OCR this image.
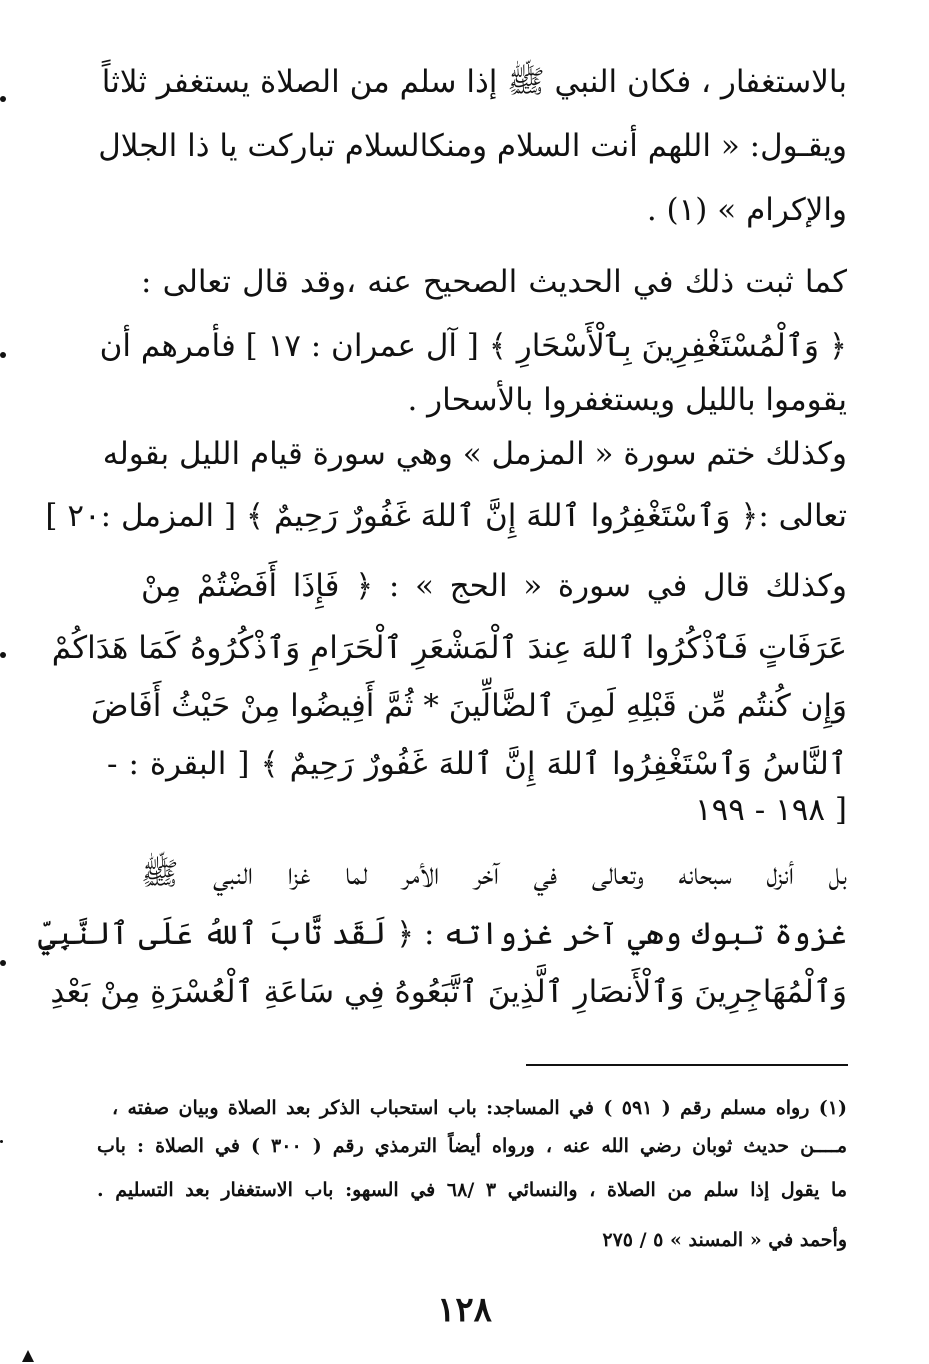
بالاستغفار ، فكان النبي ﷺ إذا سلم من الصلاة يستغفر ثلاثاً
ويقـول: « اللهم أنت السلام ومنكالسلام تباركت يا ذا الجلال
والإكرام » (١) .
كما ثبت ذلك في الحديث الصحيح عنه ،وقد قال تعالى :
﴿ وَٱلْمُسْتَغْفِرِينَ بِٱلْأَسْحَارِ ﴾ [ آل عمران : ١٧ ] فأمرهم أن
يقوموا بالليل ويستغفروا بالأسحار .
وكذلك ختم سورة « المزمل » وهي سورة قيام الليل بقوله
تعالى :﴿ وَٱسْتَغْفِرُوا ٱللهَ إِنَّ ٱللهَ غَفُورٌ رَحِيمٌ ﴾ [ المزمل :٢٠ ]
وكذلك قال في سورة « الحج » : ﴿ فَإِذَا أَفَضْتُمْ مِنْ
عَرَفَاتٍ فَٱذْكُرُوا ٱللهَ عِندَ ٱلْمَشْعَرِ ٱلْحَرَامِ وَٱذْكُرُوهُ كَمَا هَدَاكُمْ
وَإِن كُنتُم مِّن قَبْلِهِ لَمِنَ ٱلضَّالِّينَ * ثُمَّ أَفِيضُوا مِنْ حَيْثُ أَفَاضَ
ٱلنَّاسُ وَٱسْتَغْفِرُوا ٱللهَ إِنَّ ٱللهَ غَفُورٌ رَحِيمٌ ﴾ [ البقرة : -
١٩٨ - ١٩٩ ]
بل أنزل سبحانه وتعالى في آخر الأمر لما غزا النبي ﷺ
غزوة تبوك وهي آخر غزواته : ﴿ لَقَد تَّابَ ٱللهُ عَلَى ٱلنَّبِيِّ
وَٱلْمُهَاجِرِينَ وَٱلْأَنصَارِ ٱلَّذِينَ ٱتَّبَعُوهُ فِي سَاعَةِ ٱلْعُسْرَةِ مِنْ بَعْدِ
(١) رواه مسلم رقم ( ٥٩١ ) في المساجد: باب استحباب الذكر بعد الصلاة وبيان صفته ،
مــــن حديث ثوبان رضي الله عنه ، ورواه أيضاً الترمذي رقم ( ٣٠٠ ) في الصلاة : باب
ما يقول إذا سلم من الصلاة ، والنسائي ٣ /٦٨ في السهو: باب الاستغفار بعد التسليم .
وأحمد في « المسند » ٥ / ٢٧٥
١٢٨
